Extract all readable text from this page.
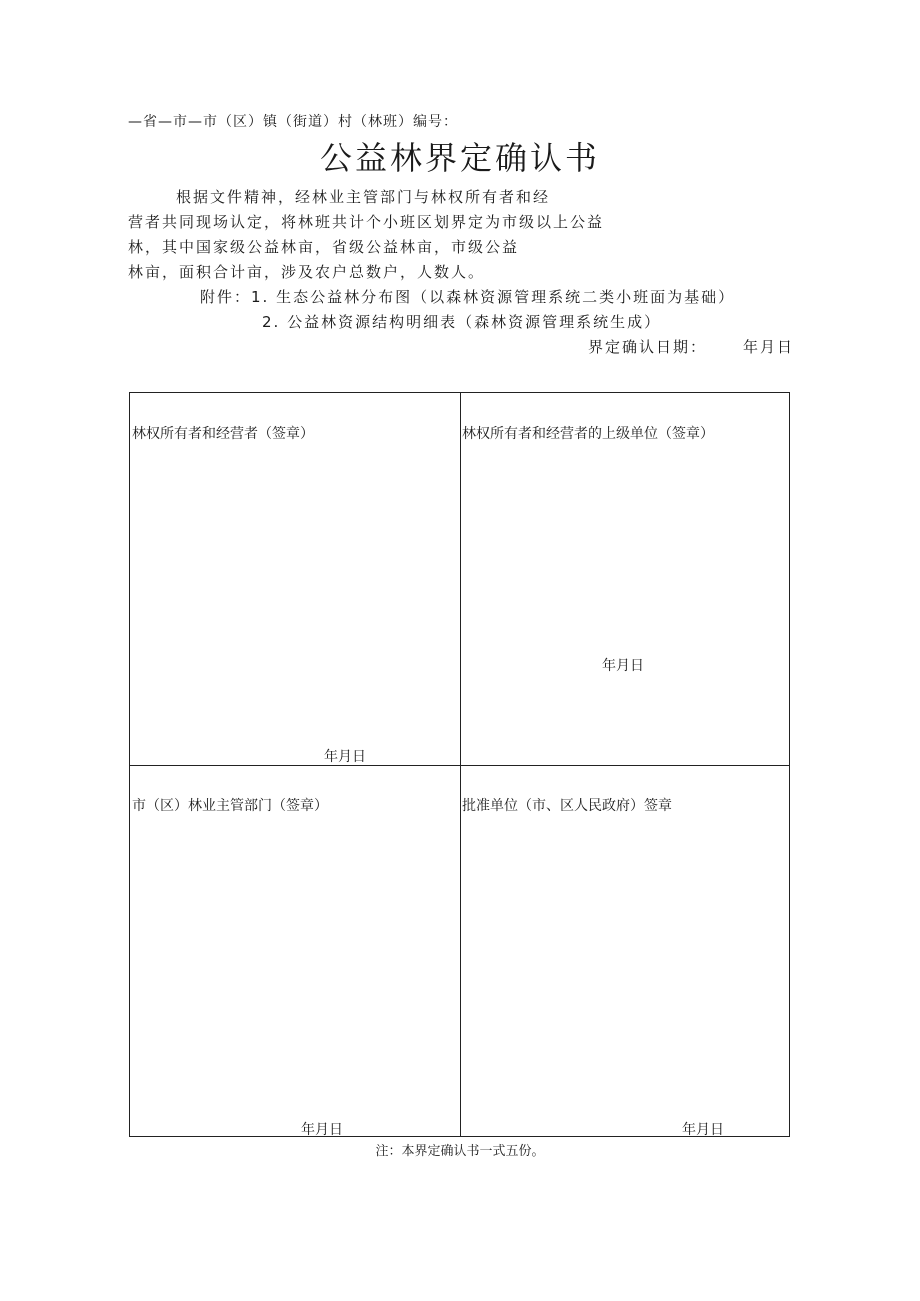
—省—市—市（区）镇（街道）村（林班）编号：
公益林界定确认书
根据文件精神，经林业主管部门与林权所有者和经
营者共同现场认定，将林班共计个小班区划界定为市级以上公益
林，其中国家级公益林亩，省级公益林亩，市级公益
林亩，面积合计亩，涉及农户总数户，人数人。
附件：1. 生态公益林分布图（以森林资源管理系统二类小班面为基础）
2. 公益林资源结构明细表（森林资源管理系统生成）
界定确认日期： 年月日
林权所有者和经营者（签章）
年月日
林权所有者和经营者的上级单位（签章）
年月日
市（区）林业主管部门（签章）
年月日
批准单位（市、区人民政府）签章
年月日
注：本界定确认书一式五份。
